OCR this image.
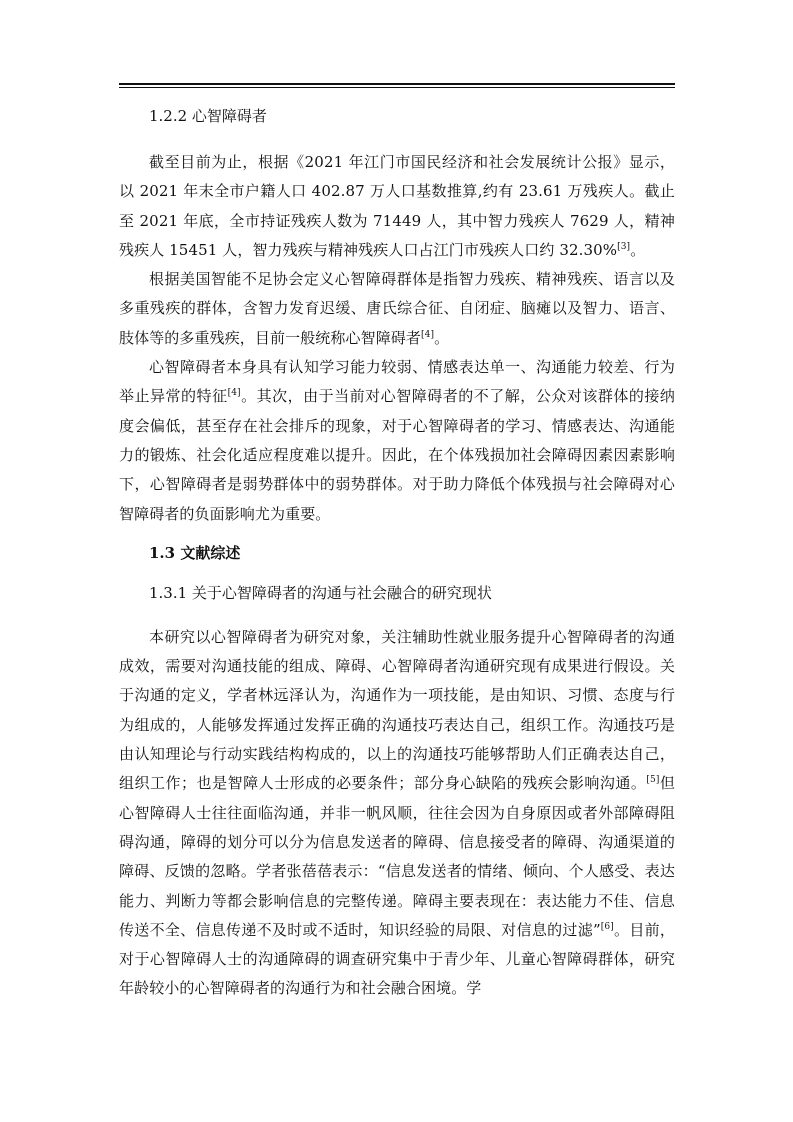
1.2.2 心智障碍者

截至目前为止，根据《2021 年江门市国民经济和社会发展统计公报》显示，以 2021 年末全市户籍人口 402.87 万人口基数推算,约有 23.61 万残疾人。截止至 2021 年底，全市持证残疾人数为 71449 人，其中智力残疾人 7629 人，精神残疾人 15451 人，智力残疾与精神残疾人口占江门市残疾人口约 32.30%[3]。

根据美国智能不足协会定义心智障碍群体是指智力残疾、精神残疾、语言以及多重残疾的群体，含智力发育迟缓、唐氏综合征、自闭症、脑瘫以及智力、语言、肢体等的多重残疾，目前一般统称心智障碍者[4]。

心智障碍者本身具有认知学习能力较弱、情感表达单一、沟通能力较差、行为举止异常的特征[4]。其次，由于当前对心智障碍者的不了解，公众对该群体的接纳度会偏低，甚至存在社会排斥的现象，对于心智障碍者的学习、情感表达、沟通能力的锻炼、社会化适应程度难以提升。因此，在个体残损加社会障碍因素因素影响下，心智障碍者是弱势群体中的弱势群体。对于助力降低个体残损与社会障碍对心智障碍者的负面影响尤为重要。

1.3 文献综述
1.3.1 关于心智障碍者的沟通与社会融合的研究现状

本研究以心智障碍者为研究对象，关注辅助性就业服务提升心智障碍者的沟通成效，需要对沟通技能的组成、障碍、心智障碍者沟通研究现有成果进行假设。关于沟通的定义，学者林远泽认为，沟通作为一项技能，是由知识、习惯、态度与行为组成的，人能够发挥通过发挥正确的沟通技巧表达自己，组织工作。沟通技巧是由认知理论与行动实践结构构成的，以上的沟通技巧能够帮助人们正确表达自己，组织工作；也是智障人士形成的必要条件；部分身心缺陷的残疾会影响沟通。[5]但心智障碍人士往往面临沟通，并非一帆风顺，往往会因为自身原因或者外部障碍阻碍沟通，障碍的划分可以分为信息发送者的障碍、信息接受者的障碍、沟通渠道的障碍、反馈的忽略。学者张蓓蓓表示：“信息发送者的情绪、倾向、个人感受、表达能力、判断力等都会影响信息的完整传递。障碍主要表现在：表达能力不佳、信息传送不全、信息传递不及时或不适时，知识经验的局限、对信息的过滤”[6]。目前，对于心智障碍人士的沟通障碍的调查研究集中于青少年、儿童心智障碍群体，研究年龄较小的心智障碍者的沟通行为和社会融合困境。学
